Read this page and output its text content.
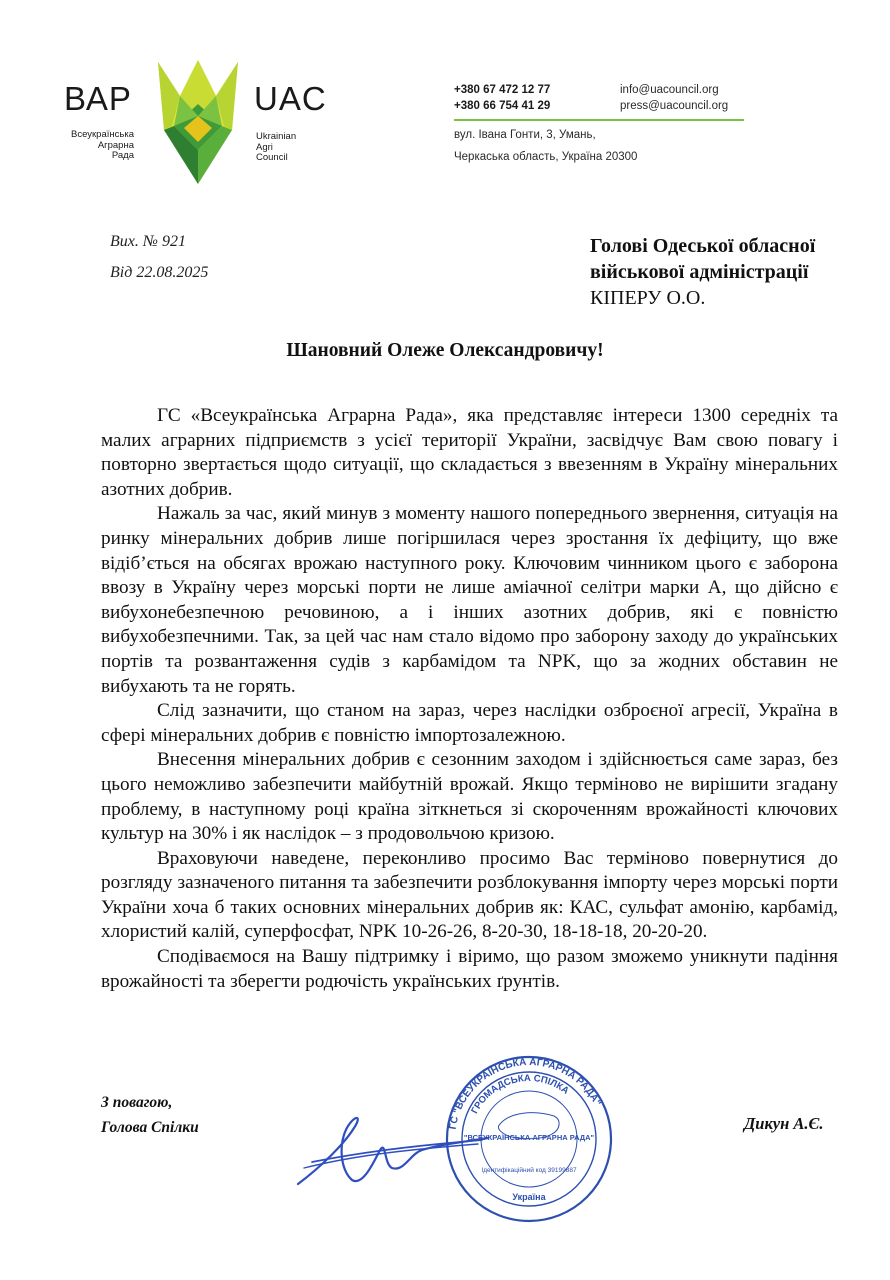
ВАР
Всеукраїнська
Аграрна
Рада
UAC
Ukrainian
Agri
Council
+380 67 472 12 77
+380 66 754 41 29
info@uacouncil.org
press@uacouncil.org
вул. Івана Гонти, 3, Умань,
Черкаська область, Україна 20300
Вих. № 921
Від 22.08.2025
Голові Одеської обласної
військової адміністрації
КІПЕРУ О.О.
Шановний Олеже Олександровичу!

ГС «Всеукраїнська Аграрна Рада», яка представляє інтереси 1300 середніх та малих аграрних підприємств з усієї території України, засвідчує Вам свою повагу і повторно звертається щодо ситуації, що складається з ввезенням в Україну мінеральних азотних добрив.

Нажаль за час, який минув з моменту нашого попереднього звернення, ситуація на ринку мінеральних добрив лише погіршилася через зростання їх дефіциту, що вже відіб’ється на обсягах врожаю наступного року. Ключовим чинником цього є заборона ввозу в Україну через морські порти не лише аміачної селітри марки А, що дійсно є вибухонебезпечною речовиною, а і інших азотних добрив, які є повністю вибухобезпечними. Так, за цей час нам стало відомо про заборону заходу до українських портів та розвантаження судів з карбамідом та NPK, що за жодних обставин не вибухають та не горять.

Слід зазначити, що станом на зараз, через наслідки озброєної агресії, Україна в сфері мінеральних добрив є повністю імпортозалежною.

Внесення мінеральних добрив є сезонним заходом і здійснюється саме зараз, без цього неможливо забезпечити майбутній врожай. Якщо терміново не вирішити згадану проблему, в наступному році країна зіткнеться зі скороченням врожайності ключових культур на 30% і як наслідок – з продовольчою кризою.

Враховуючи наведене, переконливо просимо Вас терміново повернутися до розгляду зазначеного питання та забезпечити розблокування імпорту через морські порти України хоча б таких основних мінеральних добрив як: КАС, сульфат амонію, карбамід, хлористий калій, суперфосфат, NPK 10-26-26, 8-20-30, 18-18-18, 20-20-20.

Сподіваємося на Вашу підтримку і віримо, що разом зможемо уникнути падіння врожайності та зберегти родючість українських ґрунтів.

З повагою,
Голова Спілки	Дикун А.Є.
ГС "ВСЕУКРАЇНСЬКА АГРАРНА РАДА"
ГРОМАДСЬКА СПІЛКА
"ВСЕУКРАЇНСЬКА АГРАРНА РАДА"
Ідентифікаційний код 39199887
Україна
